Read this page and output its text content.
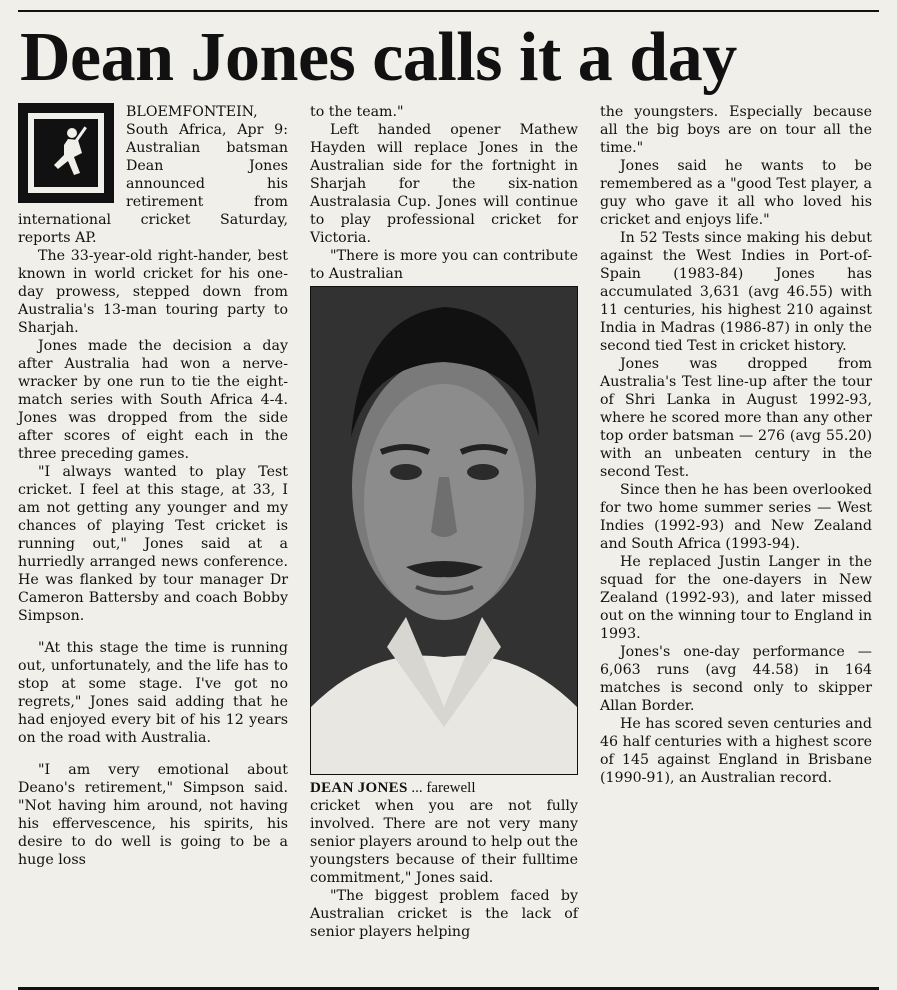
Dean Jones calls it a day

BLOEMFONTEIN, South Africa, Apr 9: Australian batsman Dean Jones announced his retirement from international cricket Saturday, reports AP.

The 33-year-old right-hander, best known in world cricket for his one-day prowess, stepped down from Australia's 13-man touring party to Sharjah.

Jones made the decision a day after Australia had won a nerve-wracker by one run to tie the eight-match series with South Africa 4-4. Jones was dropped from the side after scores of eight each in the three preceding games.

"I always wanted to play Test cricket. I feel at this stage, at 33, I am not getting any younger and my chances of playing Test cricket is running out," Jones said at a hurriedly arranged news conference. He was flanked by tour manager Dr Cameron Battersby and coach Bobby Simpson.

"At this stage the time is running out, unfortunately, and the life has to stop at some stage. I've got no regrets," Jones said adding that he had enjoyed every bit of his 12 years on the road with Australia.

"I am very emotional about Deano's retirement," Simpson said. "Not having him around, not having his effervescence, his spirits, his desire to do well is going to be a huge loss

to the team."

Left handed opener Mathew Hayden will replace Jones in the Australian side for the fortnight in Sharjah for the six-nation Australasia Cup. Jones will continue to play professional cricket for Victoria.

"There is more you can contribute to Australian

DEAN JONES ... farewell

cricket when you are not fully involved. There are not very many senior players around to help out the youngsters because of their fulltime commitment," Jones said.

"The biggest problem faced by Australian cricket is the lack of senior players helping

the youngsters. Especially because all the big boys are on tour all the time."

Jones said he wants to be remembered as a "good Test player, a guy who gave it all who loved his cricket and enjoys life."

In 52 Tests since making his debut against the West Indies in Port-of-Spain (1983-84) Jones has accumulated 3,631 (avg 46.55) with 11 centuries, his highest 210 against India in Madras (1986-87) in only the second tied Test in cricket history.

Jones was dropped from Australia's Test line-up after the tour of Shri Lanka in August 1992-93, where he scored more than any other top order batsman — 276 (avg 55.20) with an unbeaten century in the second Test.

Since then he has been overlooked for two home summer series — West Indies (1992-93) and New Zealand and South Africa (1993-94).

He replaced Justin Langer in the squad for the one-dayers in New Zealand (1992-93), and later missed out on the winning tour to England in 1993.

Jones's one-day performance — 6,063 runs (avg 44.58) in 164 matches is second only to skipper Allan Border.

He has scored seven centuries and 46 half centuries with a highest score of 145 against England in Brisbane (1990-91), an Australian record.
